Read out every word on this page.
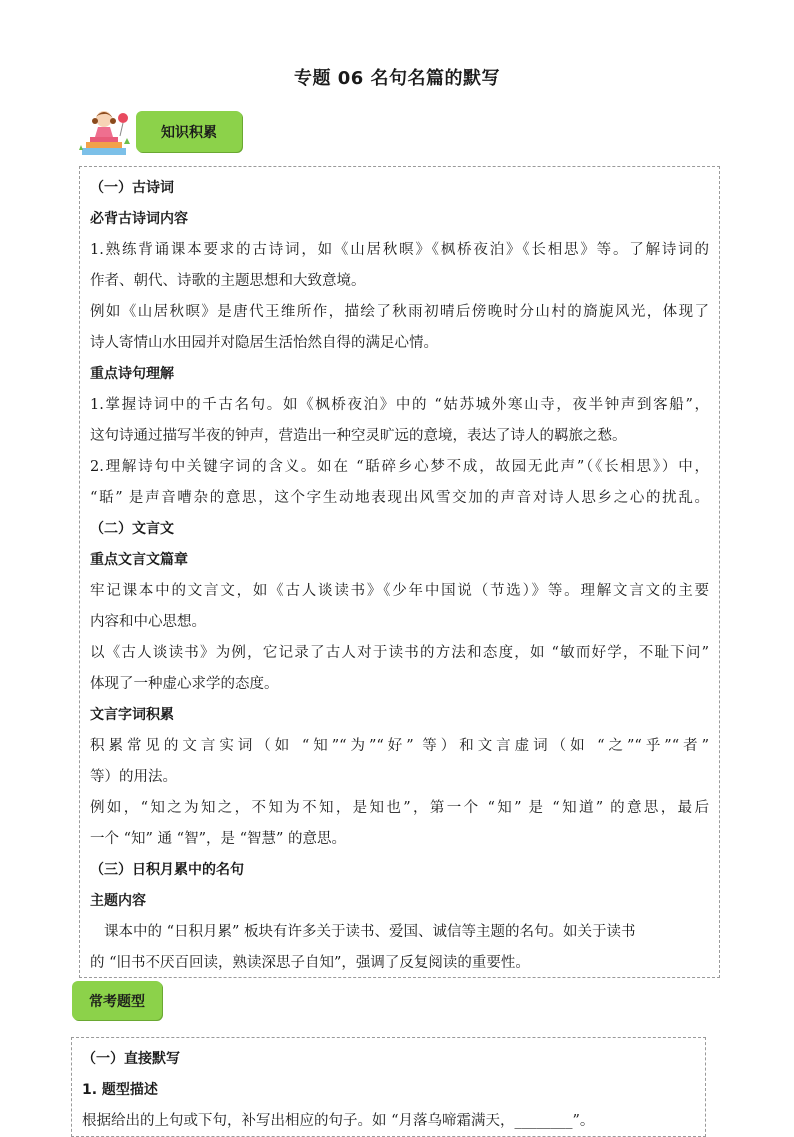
专题 06 名句名篇的默写
知识积累
（一）古诗词
必背古诗词内容
1.熟练背诵课本要求的古诗词，如《山居秋暝》《枫桥夜泊》《长相思》等。了解诗词的
作者、朝代、诗歌的主题思想和大致意境。
例如《山居秋暝》是唐代王维所作，描绘了秋雨初晴后傍晚时分山村的旖旎风光，体现了
诗人寄情山水田园并对隐居生活怡然自得的满足心情。
重点诗句理解
1.掌握诗词中的千古名句。如《枫桥夜泊》中的 “姑苏城外寒山寺，夜半钟声到客船”，
这句诗通过描写半夜的钟声，营造出一种空灵旷远的意境，表达了诗人的羁旅之愁。
2.理解诗句中关键字词的含义。如在 “聒碎乡心梦不成，故园无此声”（《长相思》）中，
“聒” 是声音嘈杂的意思，这个字生动地表现出风雪交加的声音对诗人思乡之心的扰乱。
（二）文言文
重点文言文篇章
牢记课本中的文言文，如《古人谈读书》《少年中国说（节选）》等。理解文言文的主要
内容和中心思想。
以《古人谈读书》为例，它记录了古人对于读书的方法和态度，如 “敏而好学，不耻下问”
体现了一种虚心求学的态度。
文言字词积累
积累常见的文言实词（如 “知”“为”“好” 等）和文言虚词（如 “之”“乎”“者”
等）的用法。
例如，“知之为知之，不知为不知，是知也”，第一个 “知” 是 “知道” 的意思，最后
一个 “知” 通 “智”，是 “智慧” 的意思。
（三）日积月累中的名句
主题内容
课本中的 “日积月累” 板块有许多关于读书、爱国、诚信等主题的名句。如关于读书
的 “旧书不厌百回读，熟读深思子自知”，强调了反复阅读的重要性。
常考题型
（一）直接默写
1. 题型描述
根据给出的上句或下句，补写出相应的句子。如 “月落乌啼霜满天，________”。
